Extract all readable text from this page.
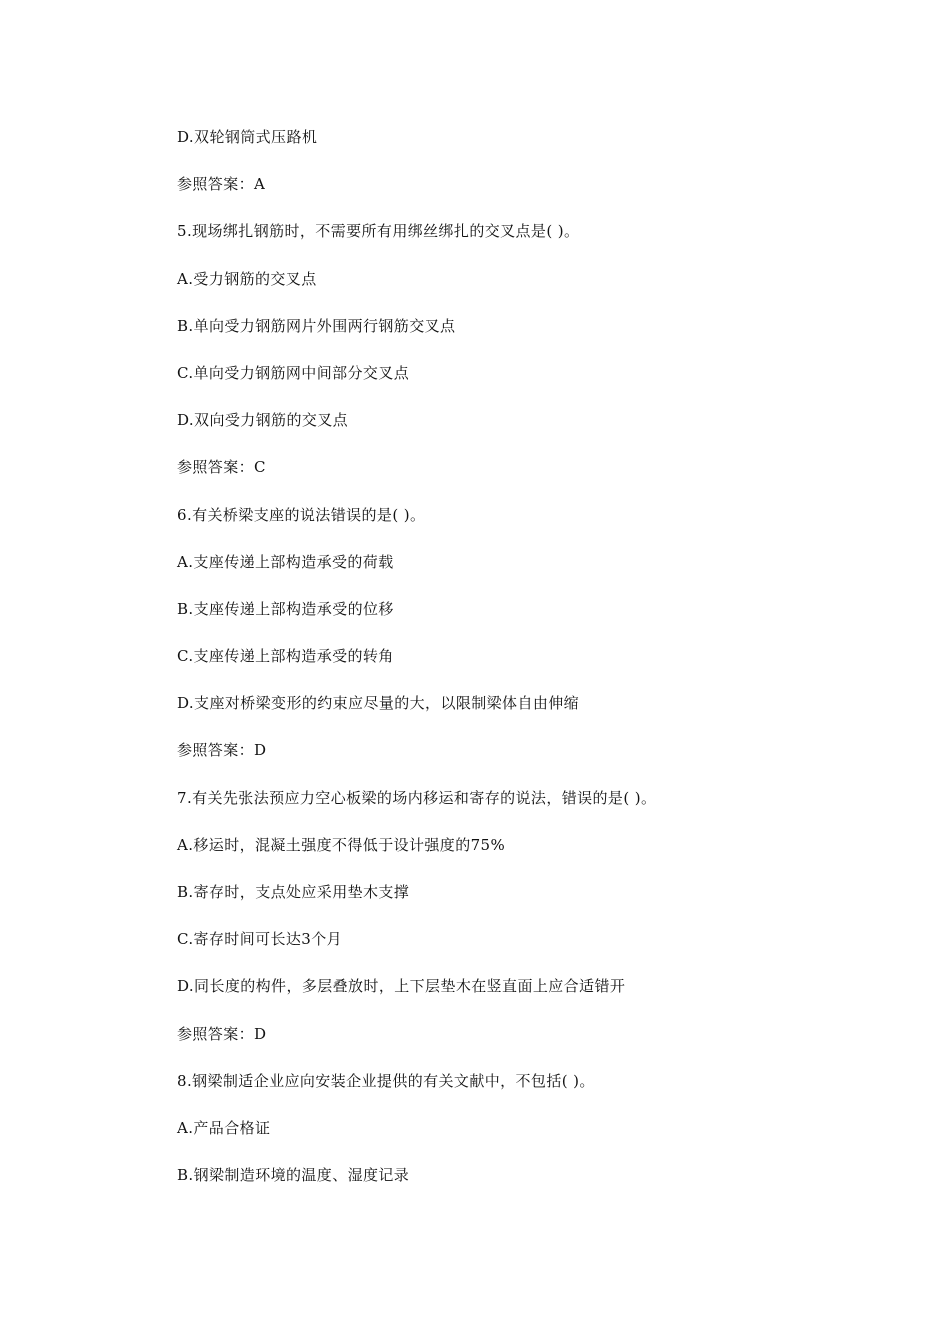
D.双轮钢筒式压路机
参照答案：A
5.现场绑扎钢筋时，不需要所有用绑丝绑扎的交叉点是( )。
A.受力钢筋的交叉点
B.单向受力钢筋网片外围两行钢筋交叉点
C.单向受力钢筋网中间部分交叉点
D.双向受力钢筋的交叉点
参照答案：C
6.有关桥梁支座的说法错误的是( )。
A.支座传递上部构造承受的荷载
B.支座传递上部构造承受的位移
C.支座传递上部构造承受的转角
D.支座对桥梁变形的约束应尽量的大，以限制梁体自由伸缩
参照答案：D
7.有关先张法预应力空心板梁的场内移运和寄存的说法，错误的是( )。
A.移运时，混凝土强度不得低于设计强度的75%
B.寄存时，支点处应采用垫木支撑
C.寄存时间可长达3个月
D.同长度的构件，多层叠放时，上下层垫木在竖直面上应合适错开
参照答案：D
8.钢梁制适企业应向安装企业提供的有关文献中，不包括( )。
A.产品合格证
B.钢梁制造环境的温度、湿度记录
